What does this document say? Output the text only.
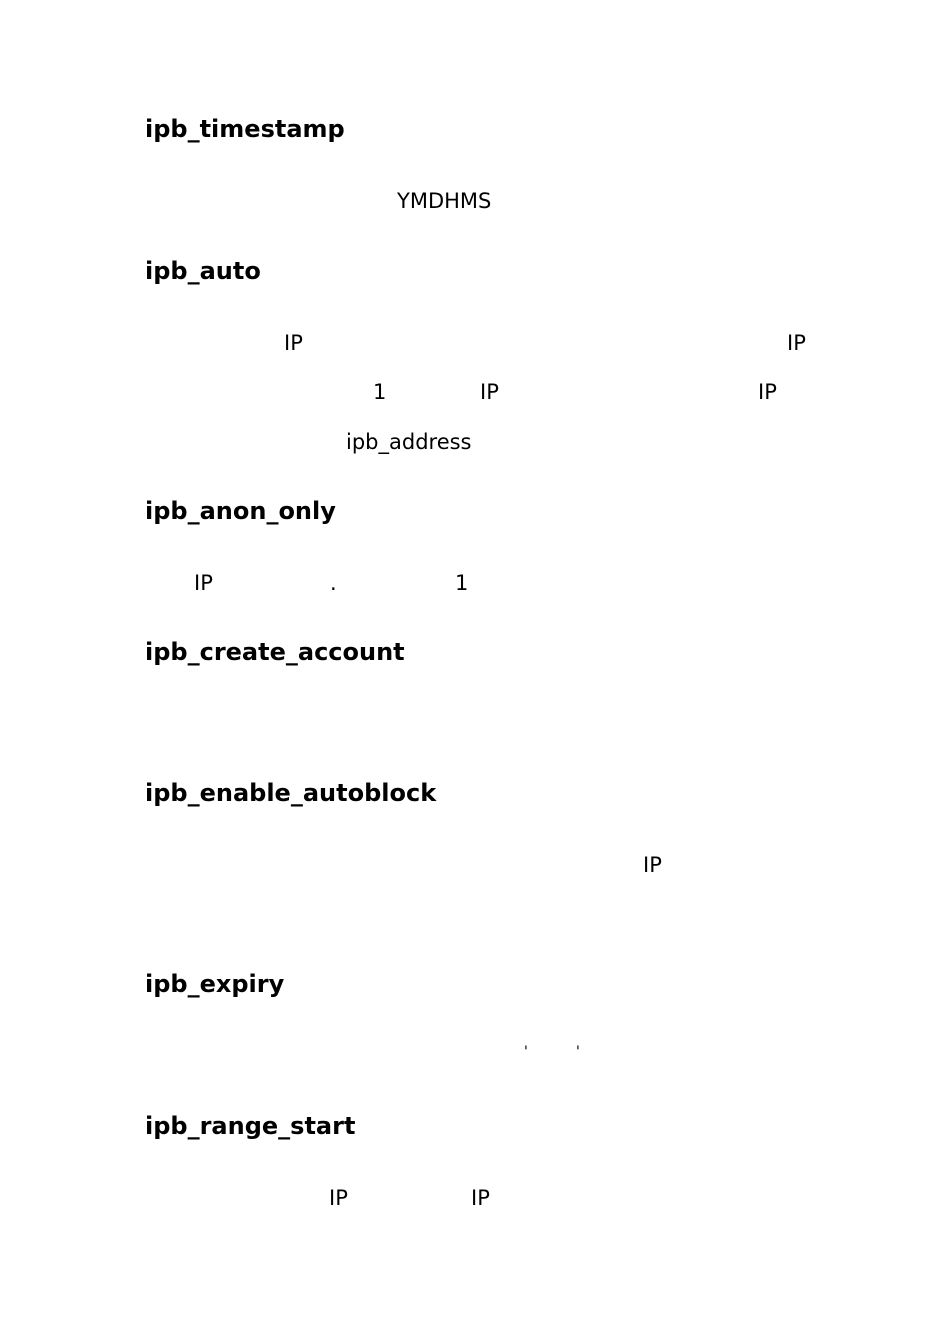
ipb_timestamp
YMDHMS
ipb_auto
IP	IP
1	IP	IP
ipb_address
ipb_anon_only
IP	.	1
ipb_create_account
ipb_enable_autoblock
IP
ipb_expiry
'	'
ipb_range_start
IP	IP
